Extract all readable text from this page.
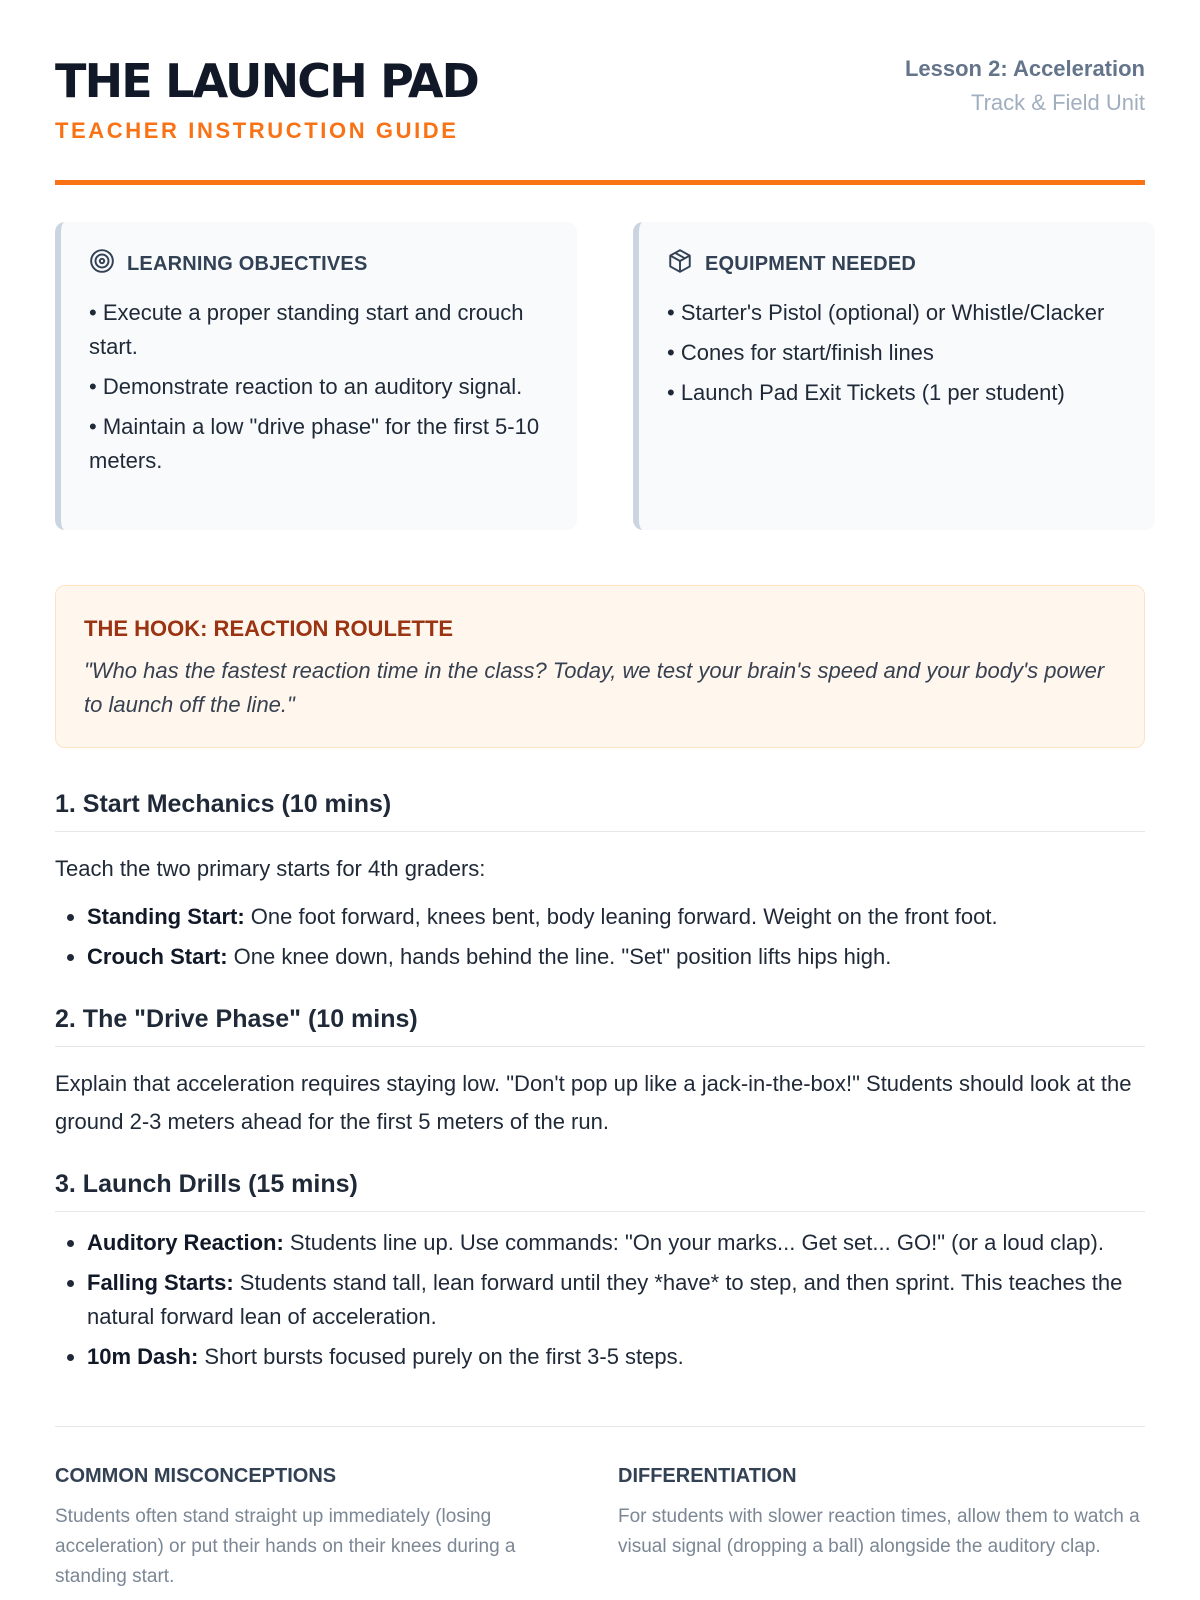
THE LAUNCH PAD
TEACHER INSTRUCTION GUIDE
Lesson 2: Acceleration
Track & Field Unit
LEARNING OBJECTIVES
• Execute a proper standing start and crouch start.
• Demonstrate reaction to an auditory signal.
• Maintain a low "drive phase" for the first 5-10 meters.
EQUIPMENT NEEDED
• Starter's Pistol (optional) or Whistle/Clacker
• Cones for start/finish lines
• Launch Pad Exit Tickets (1 per student)
THE HOOK: REACTION ROULETTE
"Who has the fastest reaction time in the class? Today, we test your brain's speed and your body's power to launch off the line."
1. Start Mechanics (10 mins)
Teach the two primary starts for 4th graders:
• Standing Start: One foot forward, knees bent, body leaning forward. Weight on the front foot.
• Crouch Start: One knee down, hands behind the line. "Set" position lifts hips high.
2. The "Drive Phase" (10 mins)
Explain that acceleration requires staying low. "Don't pop up like a jack-in-the-box!" Students should look at the ground 2-3 meters ahead for the first 5 meters of the run.
3. Launch Drills (15 mins)
• Auditory Reaction: Students line up. Use commands: "On your marks... Get set... GO!" (or a loud clap).
• Falling Starts: Students stand tall, lean forward until they *have* to step, and then sprint. This teaches the natural forward lean of acceleration.
• 10m Dash: Short bursts focused purely on the first 3-5 steps.
COMMON MISCONCEPTIONS
Students often stand straight up immediately (losing acceleration) or put their hands on their knees during a standing start.
DIFFERENTIATION
For students with slower reaction times, allow them to watch a visual signal (dropping a ball) alongside the auditory clap.
